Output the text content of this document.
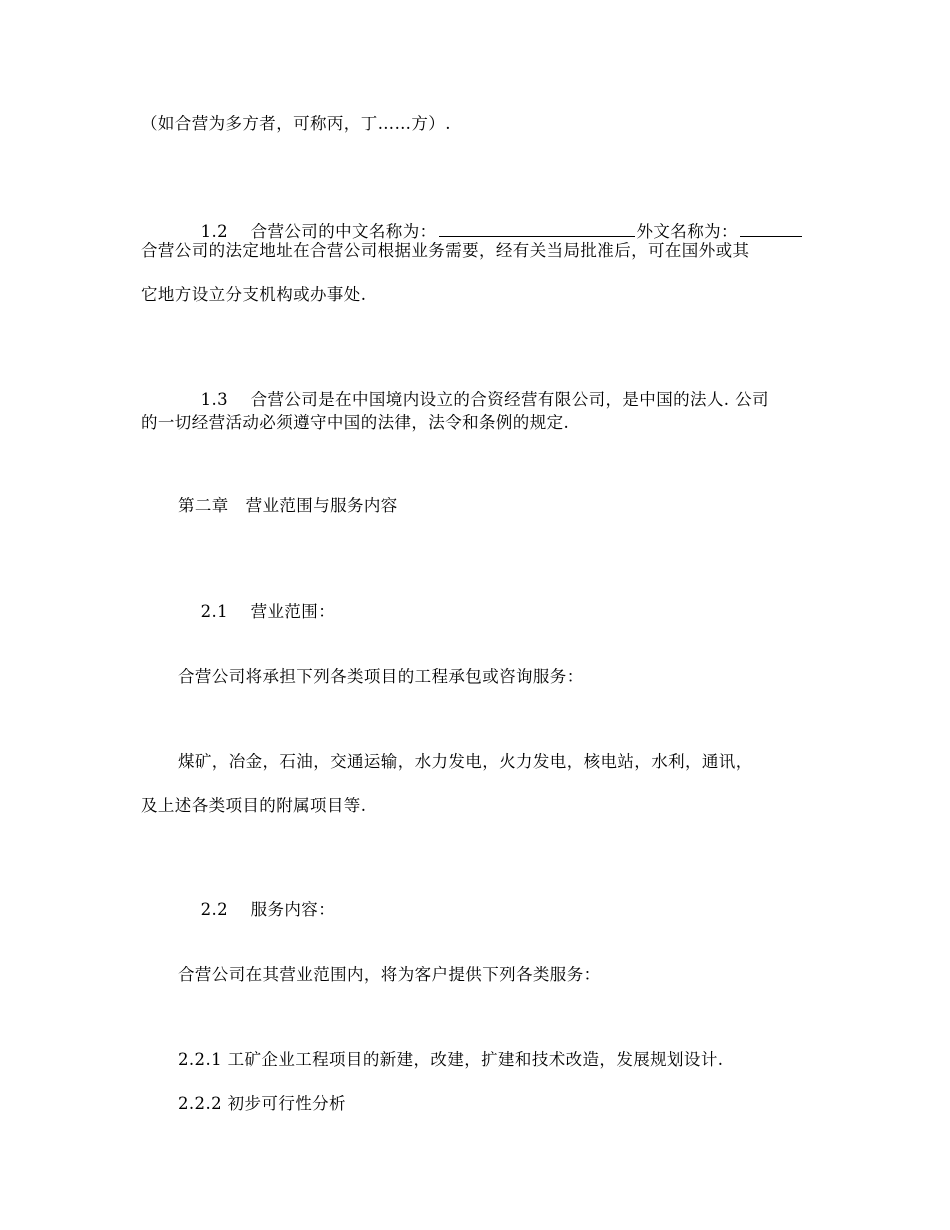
（如合营为多方者，可称丙，丁……方）.

1.2　 合营公司的中文名称为：	外文名称为：

合营公司的法定地址在合营公司根据业务需要，经有关当局批准后，可在国外或其
它地方设立分支机构或办事处.

1.3　 合营公司是在中国境内设立的合资经营有限公司，是中国的法人. 公司

的一切经营活动必须遵守中国的法律，法令和条例的规定.
第二章　营业范围与服务内容

2.1　 营业范围：

合营公司将承担下列各类项目的工程承包或咨询服务：
煤矿，冶金，石油，交通运输，水力发电，火力发电，核电站，水利，通讯，
及上述各类项目的附属项目等.

2.2　 服务内容：

合营公司在其营业范围内，将为客户提供下列各类服务：
2.2.1 工矿企业工程项目的新建，改建，扩建和技术改造，发展规划设计.
2.2.2 初步可行性分析
